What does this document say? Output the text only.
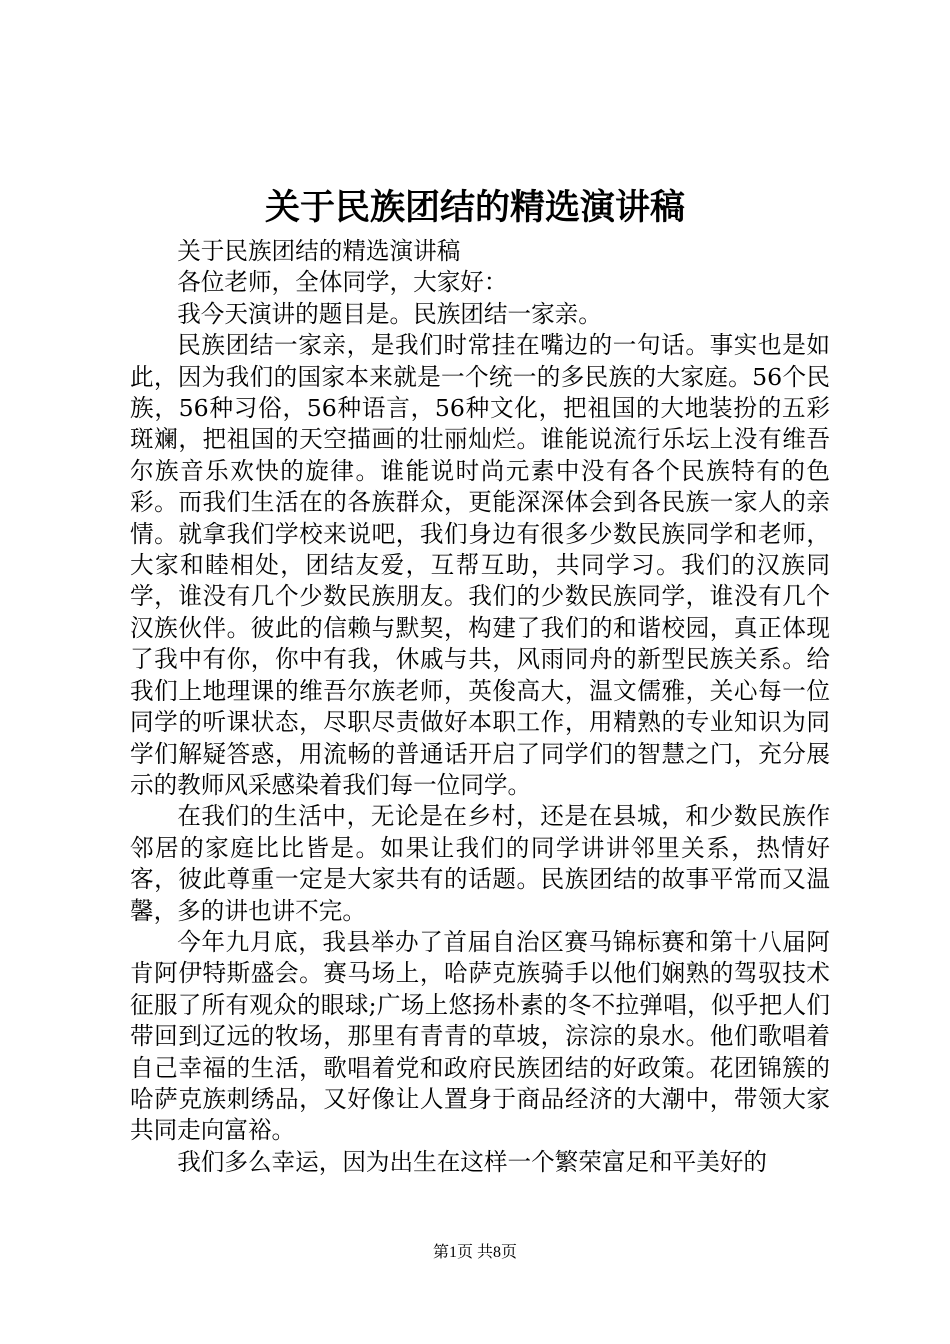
关于民族团结的精选演讲稿

关于民族团结的精选演讲稿

各位老师，全体同学，大家好：

我今天演讲的题目是。民族团结一家亲。

民族团结一家亲，是我们时常挂在嘴边的一句话。事实也是如此，因为我们的国家本来就是一个统一的多民族的大家庭。56个民族，56种习俗，56种语言，56种文化，把祖国的大地装扮的五彩斑斓，把祖国的天空描画的壮丽灿烂。谁能说流行乐坛上没有维吾尔族音乐欢快的旋律。谁能说时尚元素中没有各个民族特有的色彩。而我们生活在的各族群众，更能深深体会到各民族一家人的亲情。就拿我们学校来说吧，我们身边有很多少数民族同学和老师，大家和睦相处，团结友爱，互帮互助，共同学习。我们的汉族同学，谁没有几个少数民族朋友。我们的少数民族同学，谁没有几个汉族伙伴。彼此的信赖与默契，构建了我们的和谐校园，真正体现了我中有你，你中有我，休戚与共，风雨同舟的新型民族关系。给我们上地理课的维吾尔族老师，英俊高大，温文儒雅，关心每一位同学的听课状态，尽职尽责做好本职工作，用精熟的专业知识为同学们解疑答惑，用流畅的普通话开启了同学们的智慧之门，充分展示的教师风采感染着我们每一位同学。

在我们的生活中，无论是在乡村，还是在县城，和少数民族作邻居的家庭比比皆是。如果让我们的同学讲讲邻里关系，热情好客，彼此尊重一定是大家共有的话题。民族团结的故事平常而又温馨，多的讲也讲不完。

今年九月底，我县举办了首届自治区赛马锦标赛和第十八届阿肯阿伊特斯盛会。赛马场上，哈萨克族骑手以他们娴熟的驾驭技术征服了所有观众的眼球;广场上悠扬朴素的冬不拉弹唱，似乎把人们带回到辽远的牧场，那里有青青的草坡，淙淙的泉水。他们歌唱着自己幸福的生活，歌唱着党和政府民族团结的好政策。花团锦簇的哈萨克族刺绣品，又好像让人置身于商品经济的大潮中，带领大家共同走向富裕。

我们多么幸运，因为出生在这样一个繁荣富足和平美好的

第1页 共8页
